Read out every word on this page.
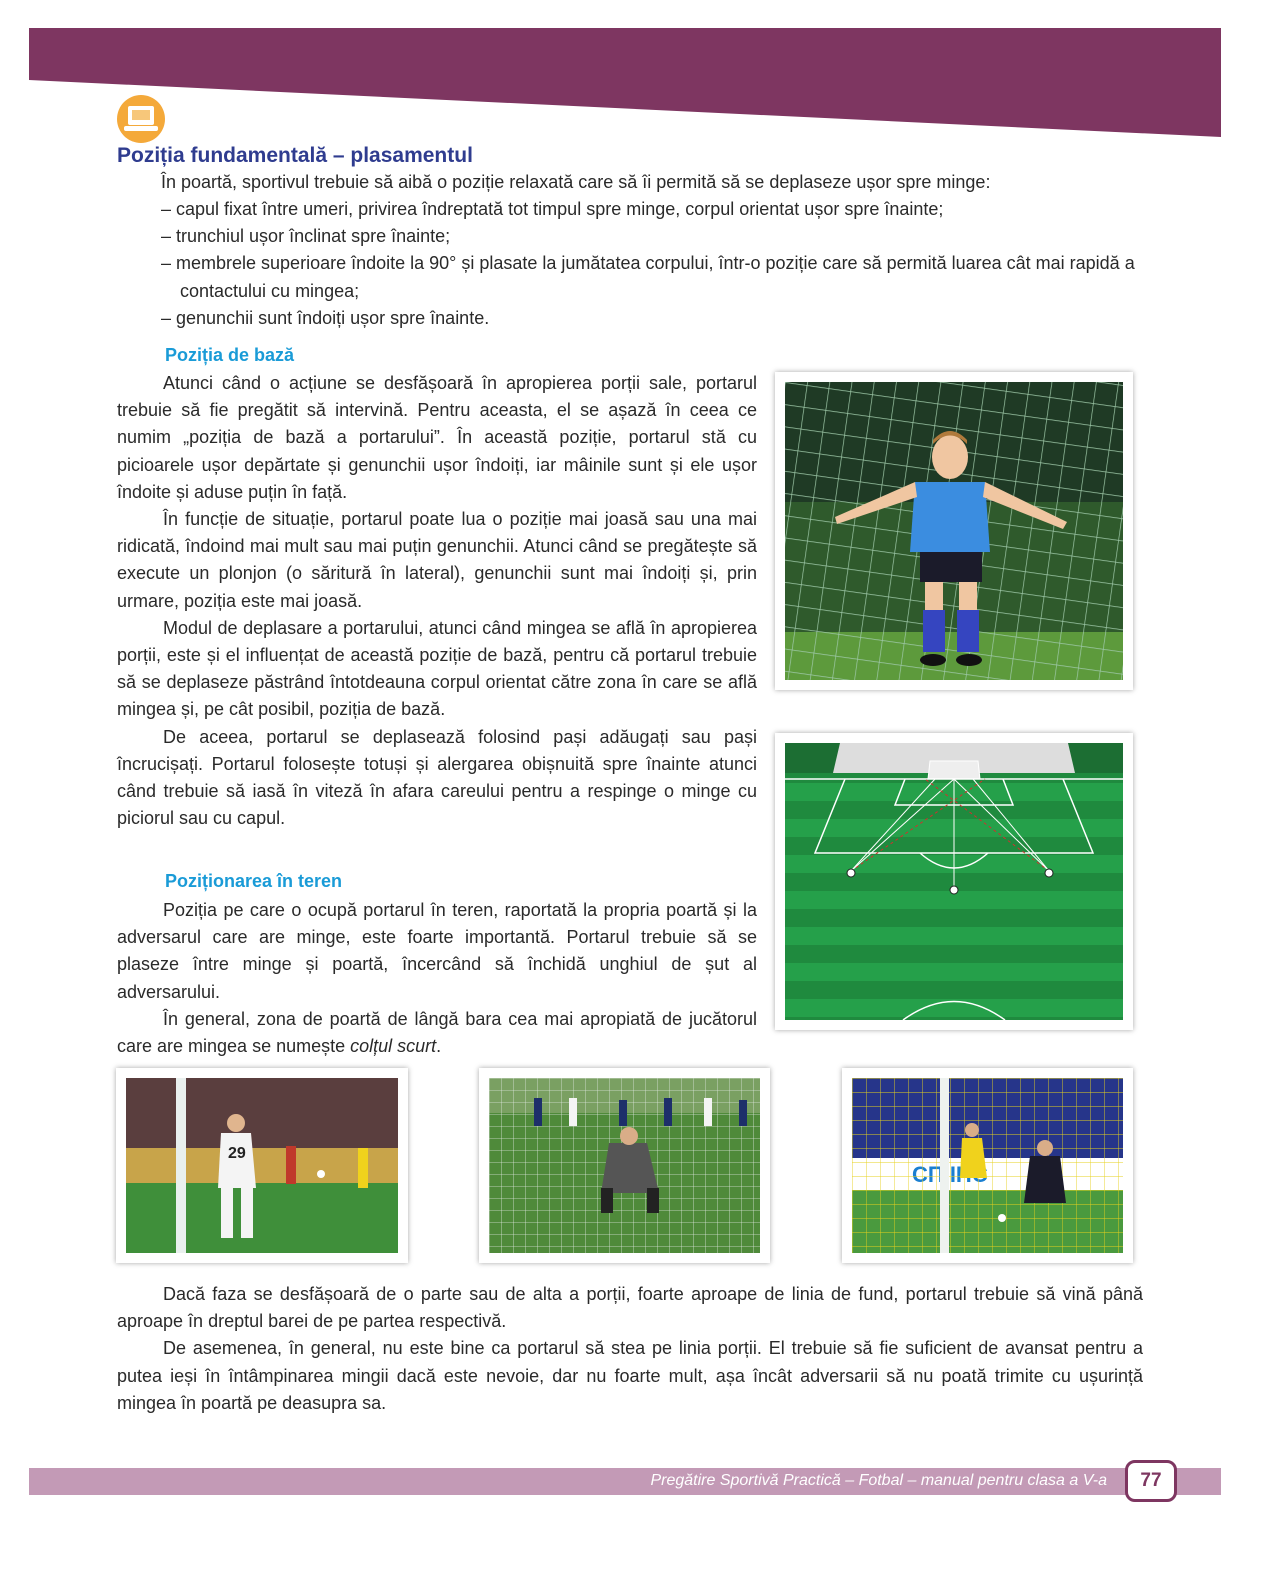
Poziția fundamentală – plasamentul

În poartă, sportivul trebuie să aibă o poziție relaxată care să îi permită să se deplaseze ușor spre minge:

– capul fixat între umeri, privirea îndreptată tot timpul spre minge, corpul orientat ușor spre înainte;
– trunchiul ușor înclinat spre înainte;
– membrele superioare îndoite la 90° și plasate la jumătatea corpului, într-o poziție care să permită luarea cât mai rapidă a contactului cu mingea;
– genunchii sunt îndoiți ușor spre înainte.
Poziția de bază

Atunci când o acțiune se desfășoară în apropierea porții sale, portarul trebuie să fie pregătit să intervină. Pentru aceasta, el se așază în ceea ce numim „poziția de bază a portarului”. În această poziție, portarul stă cu picioarele ușor depărtate și genunchii ușor îndoiți, iar mâinile sunt și ele ușor îndoite și aduse puțin în față.

În funcție de situație, portarul poate lua o poziție mai joasă sau una mai ridicată, îndoind mai mult sau mai puțin genunchii. Atunci când se pregătește să execute un plonjon (o săritură în lateral), genunchii sunt mai îndoiți și, prin urmare, poziția este mai joasă.

Modul de deplasare a portarului, atunci când mingea se află în apropierea porții, este și el influențat de această poziție de bază, pentru că portarul trebuie să se deplaseze păstrând întotdeauna corpul orientat către zona în care se află mingea și, pe cât posibil, poziția de bază.

De aceea, portarul se deplasează folosind pași adăugați sau pași încrucișați. Portarul folosește totuși și alergarea obișnuită spre înainte atunci când trebuie să iasă în viteză în afara careului pentru a respinge o minge cu piciorul sau cu capul.

Poziționarea în teren

Poziția pe care o ocupă portarul în teren, raportată la propria poartă și la adversarul care are minge, este foarte importantă. Portarul trebuie să se plaseze între minge și poartă, încercând să închidă unghiul de șut al adversarului.

În general, zona de poartă de lângă bara cea mai apropiată de jucătorul care are mingea se numește colțul scurt.

29

Dacă faza se desfășoară de o parte sau de alta a porții, foarte aproape de linia de fund, portarul trebuie să vină până aproape în dreptul barei de pe partea respectivă.

De asemenea, în general, nu este bine ca portarul să stea pe linia porții. El trebuie să fie suficient de avansat pentru a putea ieși în întâmpinarea mingii dacă este nevoie, dar nu foarte mult, așa încât adversarii să nu poată trimite cu ușurință mingea în poartă pe deasupra sa.

Pregătire Sportivă Practică – Fotbal – manual pentru clasa a V-a	77
